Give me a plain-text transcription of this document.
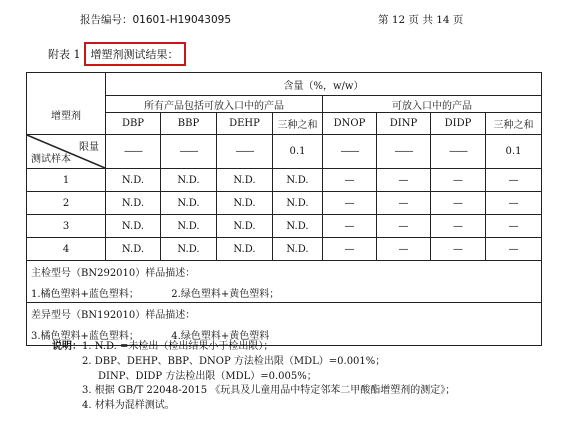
报告编号：01601-H19043095	第 12 页 共 14 页
附表 1 增塑剂测试结果：
	含量（%，w/w）							
增塑剂	所有产品包括可放入口中的产品				可放入口中的产品			
	DBP	BBP	DEHP	三种之和	DNOP	DINP	DIDP	三种之和

限量
测试样本	——	——	——	0.1	——	——	——	0.1
1	N.D.	N.D.	N.D.	N.D.	—	—	—	—
2	N.D.	N.D.	N.D.	N.D.	—	—	—	—
3	N.D.	N.D.	N.D.	N.D.	—	—	—	—
4	N.D.	N.D.	N.D.	N.D.	—	—	—	—
主检型号（BN292010）样品描述：								
1.橘色塑料+蓝色塑料； 2.绿色塑料+黄色塑料；								
差异型号（BN192010）样品描述：								
3.橘色塑料+蓝色塑料； 4.绿色塑料+黄色塑料								
说明： 1. N.D. =未检出（检出结果小于检出限）；
2. DBP、DEHP、BBP、DNOP 方法检出限（MDL）=0.001%；
DINP、DIDP 方法检出限（MDL）=0.005%；
3. 根据 GB/T 22048-2015 《玩具及儿童用品中特定邻苯二甲酸酯增塑剂的测定》；
4. 材料为混样测试。
